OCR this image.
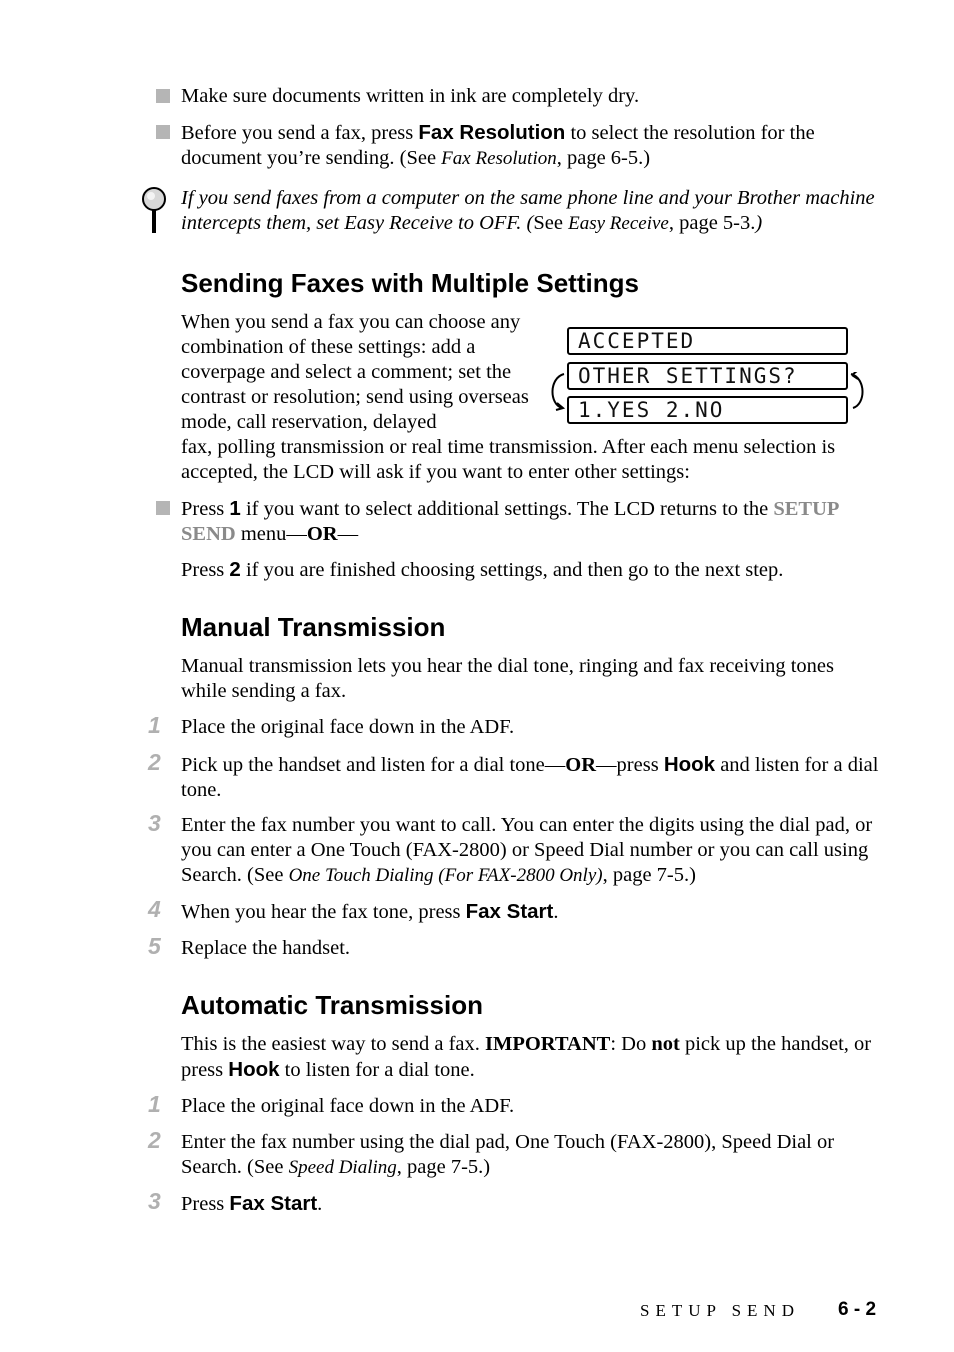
Make sure documents written in ink are completely dry.
Before you send a fax, press Fax Resolution to select the resolution for the document you’re sending. (See Fax Resolution, page 6-5.)
If you send faxes from a computer on the same phone line and your Brother machine intercepts them, set Easy Receive to OFF. (See Easy Receive, page 5-3.)
Sending Faxes with Multiple Settings
When you send a fax you can choose any combination of these settings: add a coverpage and select a comment; set the contrast or resolution; send using overseas mode, call reservation, delayed
ACCEPTED
OTHER SETTINGS?
1.YES 2.NO
fax, polling transmission or real time transmission. After each menu selection is accepted, the LCD will ask if you want to enter other settings:
Press 1 if you want to select additional settings. The LCD returns to the SETUP SEND menu—OR—
Press 2 if you are finished choosing settings, and then go to the next step.
Manual Transmission
Manual transmission lets you hear the dial tone, ringing and fax receiving tones while sending a fax.
1 Place the original face down in the ADF.
2 Pick up the handset and listen for a dial tone—OR—press Hook and listen for a dial tone.
3 Enter the fax number you want to call. You can enter the digits using the dial pad, or you can enter a One Touch (FAX-2800) or Speed Dial number or you can call using Search. (See One Touch Dialing (For FAX-2800 Only), page 7-5.)
4 When you hear the fax tone, press Fax Start.
5 Replace the handset.
Automatic Transmission
This is the easiest way to send a fax. IMPORTANT: Do not pick up the handset, or press Hook to listen for a dial tone.
1 Place the original face down in the ADF.
2 Enter the fax number using the dial pad, One Touch (FAX-2800), Speed Dial or Search. (See Speed Dialing, page 7-5.)
3 Press Fax Start.
SETUP SEND 6 - 2
